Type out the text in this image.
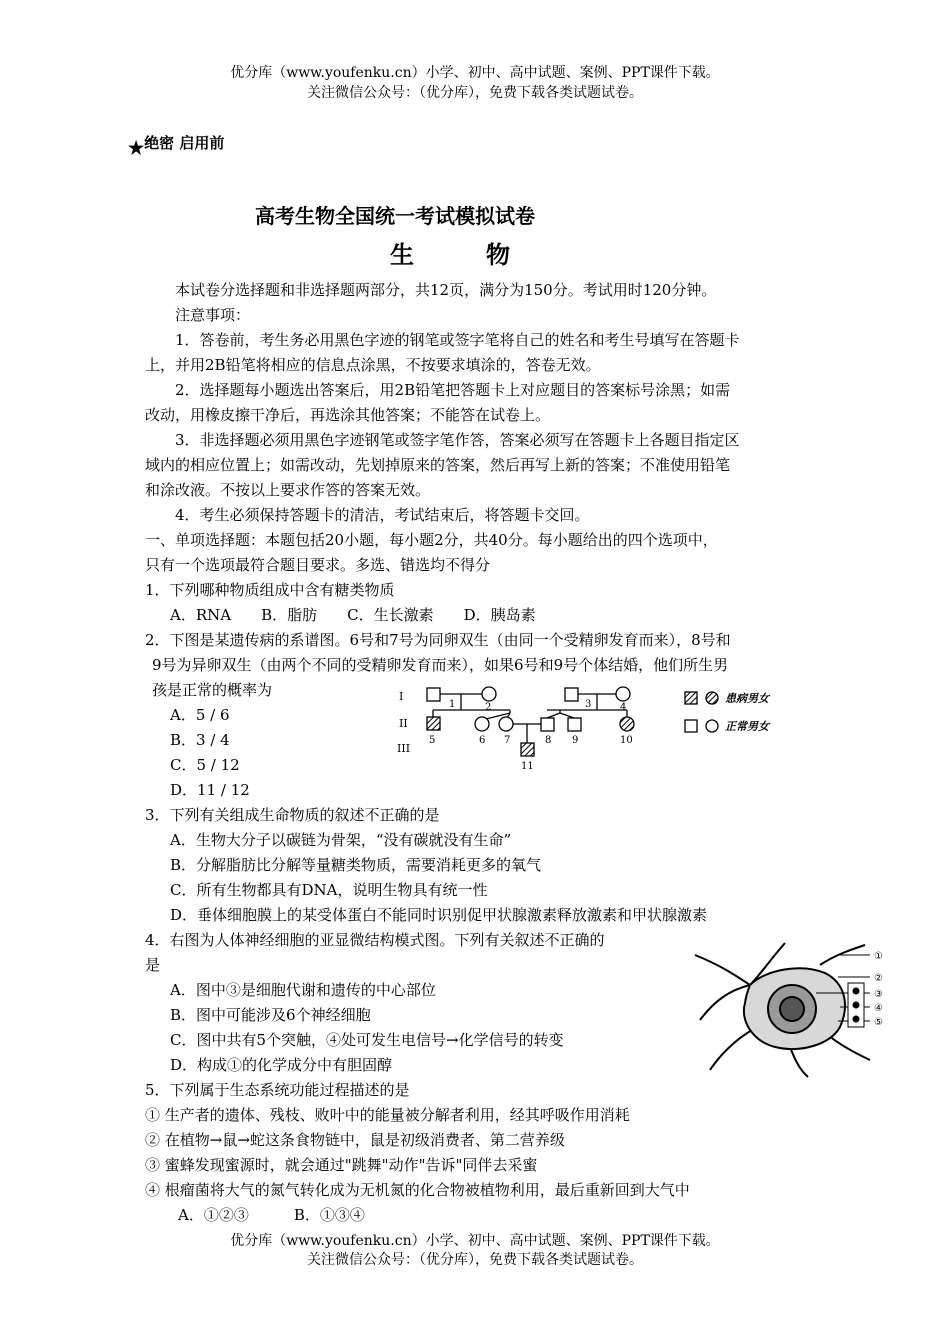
优分库（www.youfenku.cn）小学、初中、高中试题、案例、PPT课件下载。
关注微信公众号：（优分库），免费下载各类试题试卷。
★绝密 启用前
高考生物全国统一考试模拟试卷
生　　　物
本试卷分选择题和非选择题两部分，共12页，满分为150分。考试用时120分钟。
注意事项：
1．答卷前，考生务必用黑色字迹的钢笔或签字笔将自己的姓名和考生号填写在答题卡
上，并用2B铅笔将相应的信息点涂黑，不按要求填涂的，答卷无效。
2．选择题每小题选出答案后，用2B铅笔把答题卡上对应题目的答案标号涂黑；如需
改动，用橡皮擦干净后，再选涂其他答案；不能答在试卷上。
3．非选择题必须用黑色字迹钢笔或签字笔作答，答案必须写在答题卡上各题目指定区
域内的相应位置上；如需改动，先划掉原来的答案，然后再写上新的答案；不准使用铅笔
和涂改液。不按以上要求作答的答案无效。
4．考生必须保持答题卡的清洁，考试结束后，将答题卡交回。
一、单项选择题：本题包括20小题，每小题2分，共40分。每小题给出的四个选项中，
只有一个选项最符合题目要求。多选、错选均不得分
1．下列哪种物质组成中含有糖类物质
A．RNA　　B．脂肪　　C．生长激素　　D．胰岛素
2．下图是某遗传病的系谱图。6号和7号为同卵双生（由同一个受精卵发育而来），8号和
9号为异卵双生（由两个不同的受精卵发育而来），如果6号和9号个体结婚，他们所生男
孩是正常的概率为
A．5 / 6
B．3 / 4
C．5 / 12
D．11 / 12
I
II
III
5	6 7	8 9	10
11
1	2	3	4
患病男女
正常男女
3．下列有关组成生命物质的叙述不正确的是
A．生物大分子以碳链为骨架，“没有碳就没有生命”
B．分解脂肪比分解等量糖类物质，需要消耗更多的氧气
C．所有生物都具有DNA，说明生物具有统一性
D．垂体细胞膜上的某受体蛋白不能同时识别促甲状腺激素释放激素和甲状腺激素
4．右图为人体神经细胞的亚显微结构模式图。下列有关叙述不正确的
是
A．图中③是细胞代谢和遗传的中心部位
B．图中可能涉及6个神经细胞
C．图中共有5个突触，④处可发生电信号→化学信号的转变
D．构成①的化学成分中有胆固醇
①
②
③
④
⑤
5．下列属于生态系统功能过程描述的是
① 生产者的遗体、残枝、败叶中的能量被分解者利用，经其呼吸作用消耗
② 在植物→鼠→蛇这条食物链中，鼠是初级消费者、第二营养级
③ 蜜蜂发现蜜源时，就会通过"跳舞"动作"告诉"同伴去采蜜
④ 根瘤菌将大气的氮气转化成为无机氮的化合物被植物利用，最后重新回到大气中
A．①②③　　　B．①③④
优分库（www.youfenku.cn）小学、初中、高中试题、案例、PPT课件下载。
关注微信公众号：（优分库），免费下载各类试题试卷。
